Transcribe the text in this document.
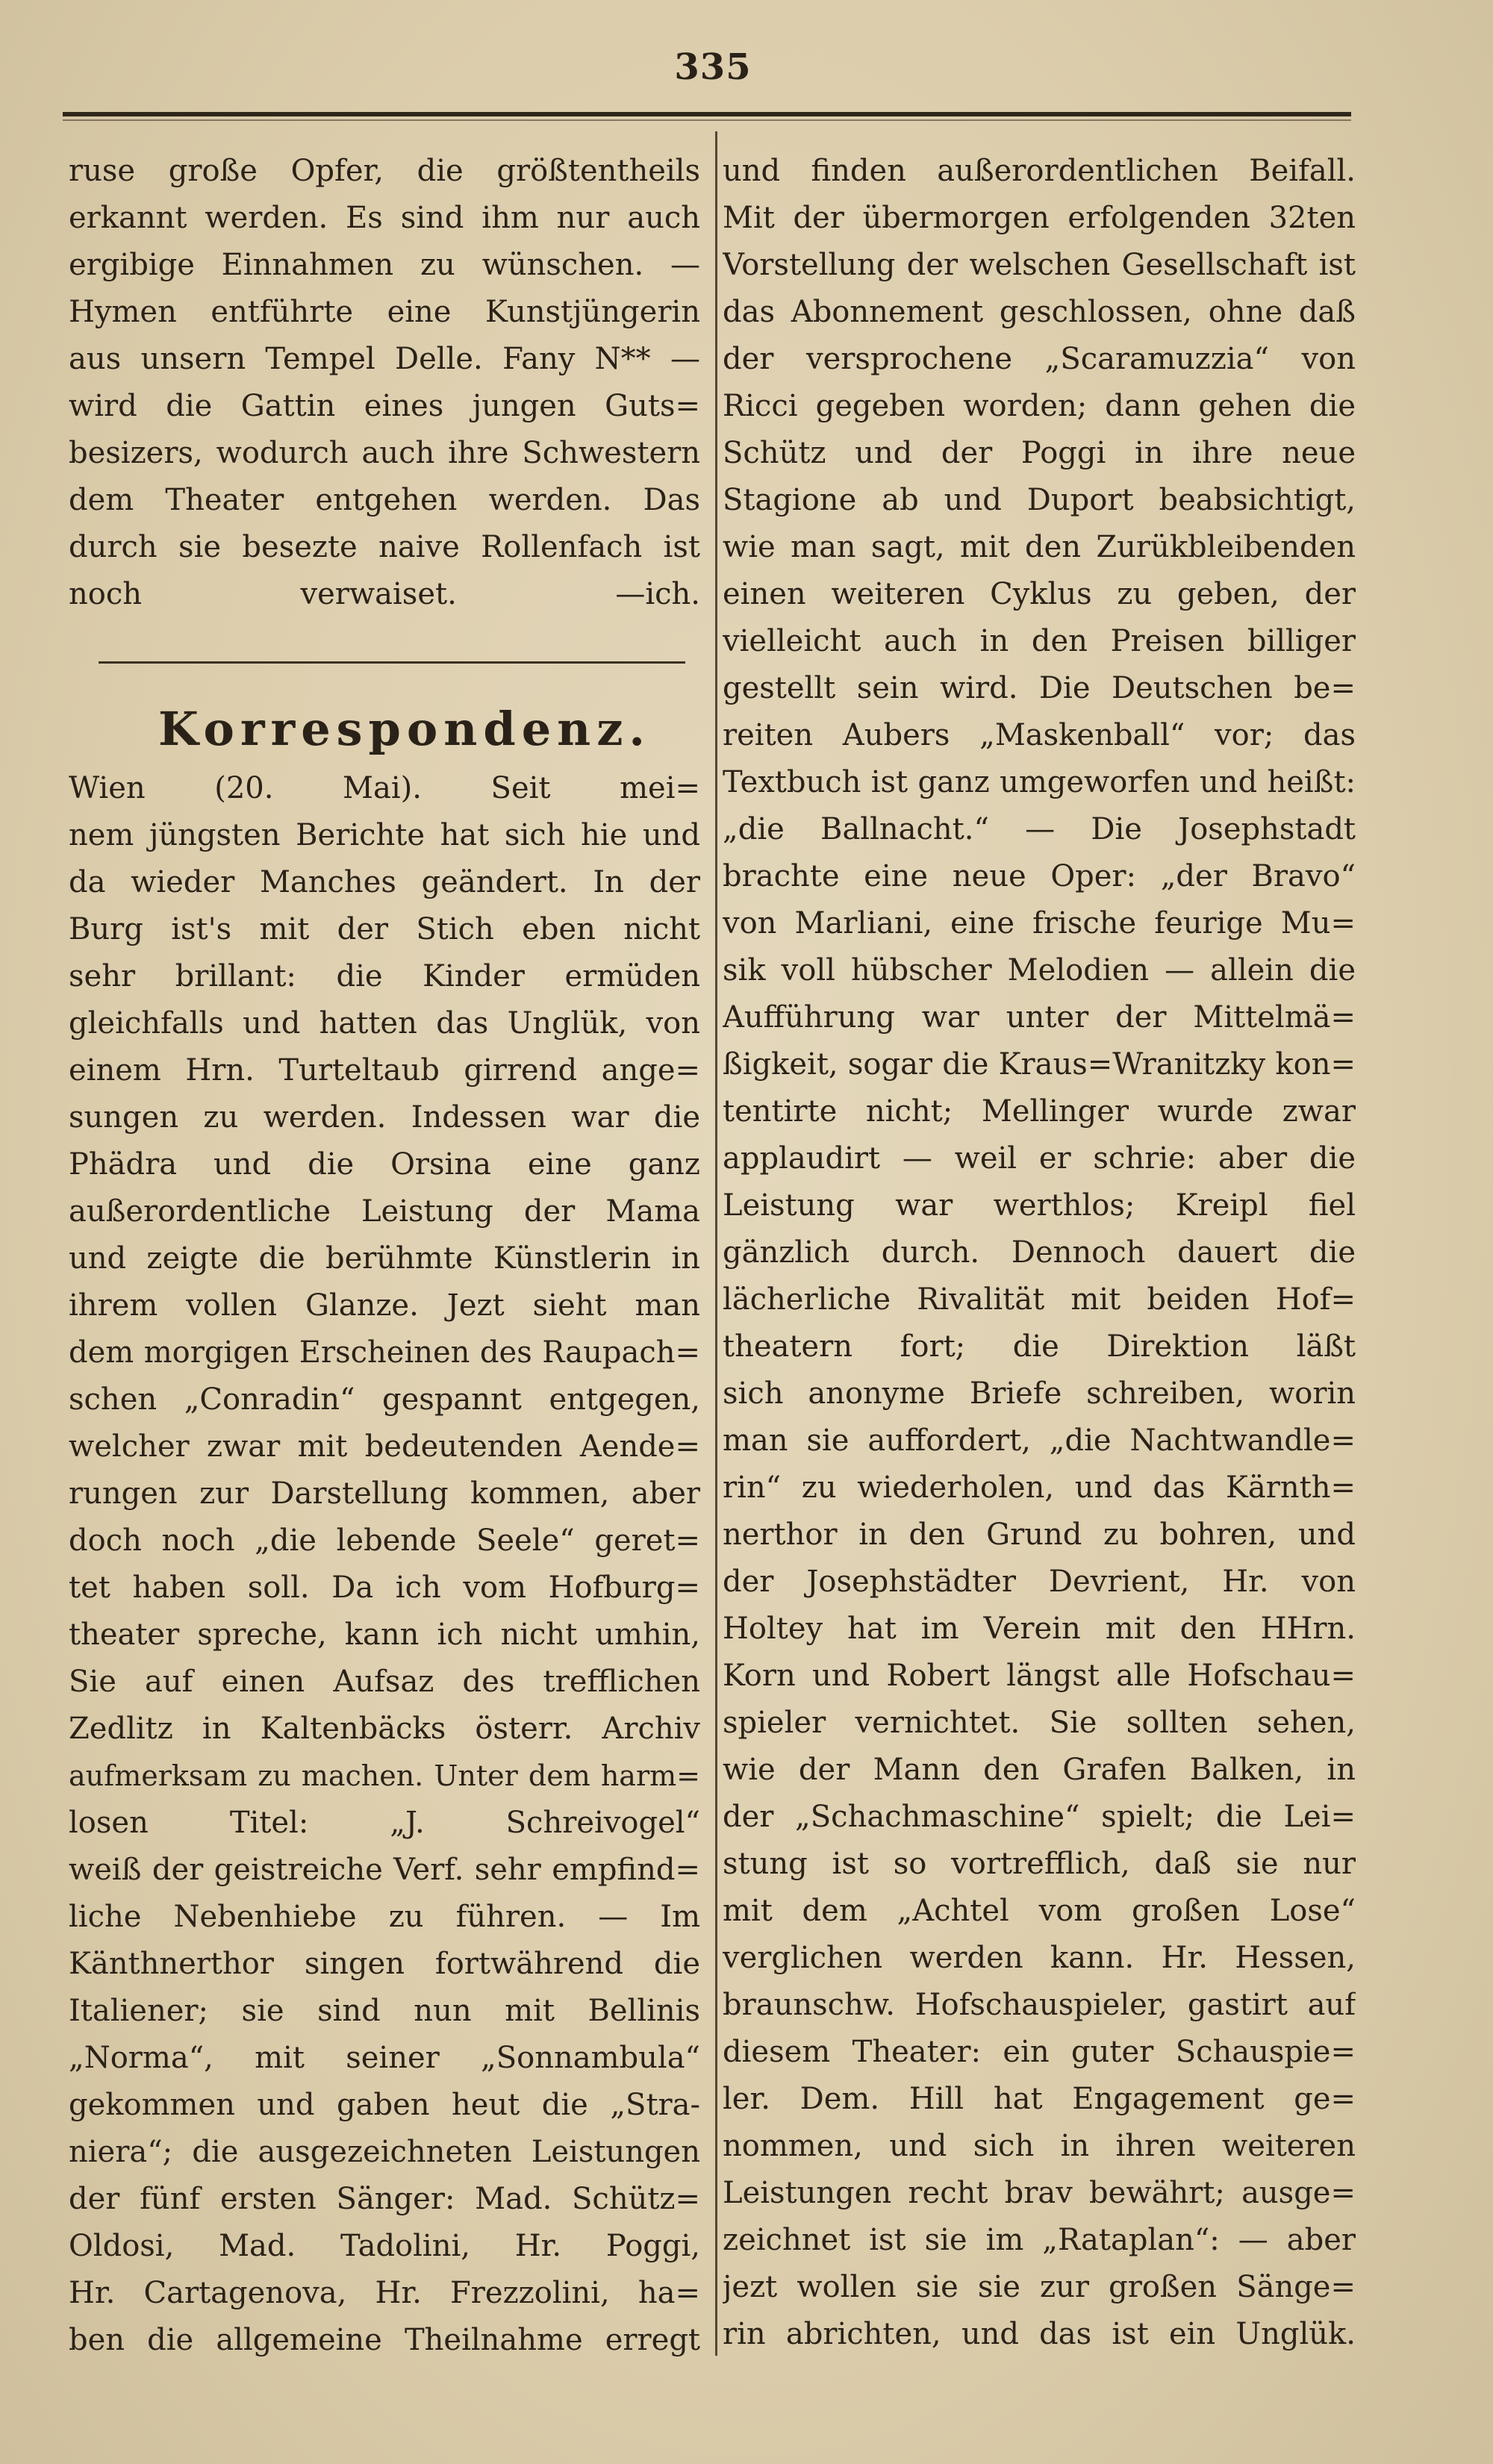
335
ruse große Opfer, die größtentheils
erkannt werden. Es sind ihm nur auch
ergibige Einnahmen zu wünschen. —
Hymen entführte eine Kunstjüngerin
aus unsern Tempel Delle. Fany N** —
wird die Gattin eines jungen Guts=
besizers, wodurch auch ihre Schwestern
dem Theater entgehen werden. Das
durch sie besezte naive Rollenfach ist
noch verwaiset. —ich.
Korrespondenz.
Wien (20. Mai). Seit mei=
nem jüngsten Berichte hat sich hie und
da wieder Manches geändert. In der
Burg ist's mit der Stich eben nicht
sehr brillant: die Kinder ermüden
gleichfalls und hatten das Unglük, von
einem Hrn. Turteltaub girrend ange=
sungen zu werden. Indessen war die
Phädra und die Orsina eine ganz
außerordentliche Leistung der Mama
und zeigte die berühmte Künstlerin in
ihrem vollen Glanze. Jezt sieht man
dem morgigen Erscheinen des Raupach=
schen „Conradin“ gespannt entgegen,
welcher zwar mit bedeutenden Aende=
rungen zur Darstellung kommen, aber
doch noch „die lebende Seele“ geret=
tet haben soll. Da ich vom Hofburg=
theater spreche, kann ich nicht umhin,
Sie auf einen Aufsaz des trefflichen
Zedlitz in Kaltenbäcks österr. Archiv
aufmerksam zu machen. Unter dem harm=
losen Titel: „J. Schreivogel“
weiß der geistreiche Verf. sehr empfind=
liche Nebenhiebe zu führen. — Im
Känthnerthor singen fortwährend die
Italiener; sie sind nun mit Bellinis
„Norma“, mit seiner „Sonnambula“
gekommen und gaben heut die „Stra-
niera“; die ausgezeichneten Leistungen
der fünf ersten Sänger: Mad. Schütz=
Oldosi, Mad. Tadolini, Hr. Poggi,
Hr. Cartagenova, Hr. Frezzolini, ha=
ben die allgemeine Theilnahme erregt
und finden außerordentlichen Beifall.
Mit der übermorgen erfolgenden 32ten
Vorstellung der welschen Gesellschaft ist
das Abonnement geschlossen, ohne daß
der versprochene „Scaramuzzia“ von
Ricci gegeben worden; dann gehen die
Schütz und der Poggi in ihre neue
Stagione ab und Duport beabsichtigt,
wie man sagt, mit den Zurükbleibenden
einen weiteren Cyklus zu geben, der
vielleicht auch in den Preisen billiger
gestellt sein wird. Die Deutschen be=
reiten Aubers „Maskenball“ vor; das
Textbuch ist ganz umgeworfen und heißt:
„die Ballnacht.“ — Die Josephstadt
brachte eine neue Oper: „der Bravo“
von Marliani, eine frische feurige Mu=
sik voll hübscher Melodien — allein die
Aufführung war unter der Mittelmä=
ßigkeit, sogar die Kraus=Wranitzky kon=
tentirte nicht; Mellinger wurde zwar
applaudirt — weil er schrie: aber die
Leistung war werthlos; Kreipl fiel
gänzlich durch. Dennoch dauert die
lächerliche Rivalität mit beiden Hof=
theatern fort; die Direktion läßt
sich anonyme Briefe schreiben, worin
man sie auffordert, „die Nachtwandle=
rin“ zu wiederholen, und das Kärnth=
nerthor in den Grund zu bohren, und
der Josephstädter Devrient, Hr. von
Holtey hat im Verein mit den HHrn.
Korn und Robert längst alle Hofschau=
spieler vernichtet. Sie sollten sehen,
wie der Mann den Grafen Balken, in
der „Schachmaschine“ spielt; die Lei=
stung ist so vortrefflich, daß sie nur
mit dem „Achtel vom großen Lose“
verglichen werden kann. Hr. Hessen,
braunschw. Hofschauspieler, gastirt auf
diesem Theater: ein guter Schauspie=
ler. Dem. Hill hat Engagement ge=
nommen, und sich in ihren weiteren
Leistungen recht brav bewährt; ausge=
zeichnet ist sie im „Rataplan“: — aber
jezt wollen sie sie zur großen Sänge=
rin abrichten, und das ist ein Unglük.
